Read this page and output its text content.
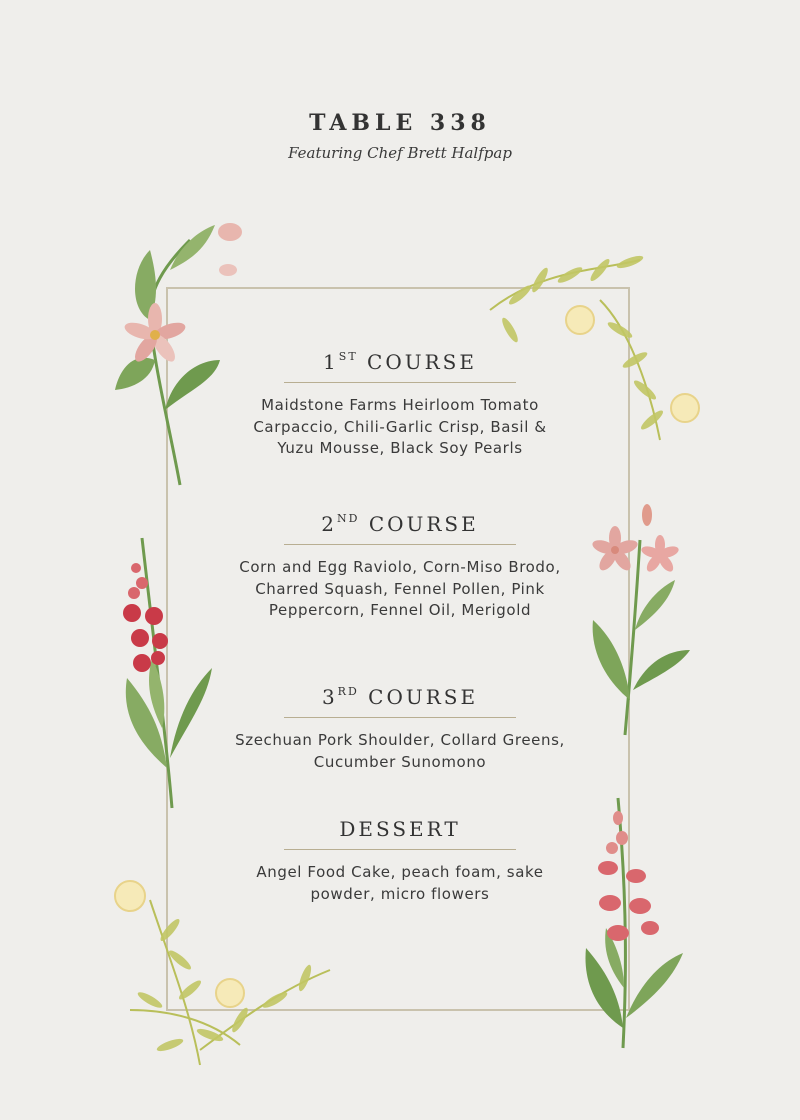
TABLE 338
Featuring Chef Brett Halfpap
1ST COURSE

Maidstone Farms Heirloom Tomato Carpaccio, Chili-Garlic Crisp, Basil & Yuzu Mousse, Black Soy Pearls

2ND COURSE

Corn and Egg Raviolo, Corn-Miso Brodo, Charred Squash, Fennel Pollen, Pink Peppercorn, Fennel Oil, Merigold

3RD COURSE

Szechuan Pork Shoulder, Collard Greens, Cucumber Sunomono

DESSERT

Angel Food Cake, peach foam, sake powder, micro flowers
